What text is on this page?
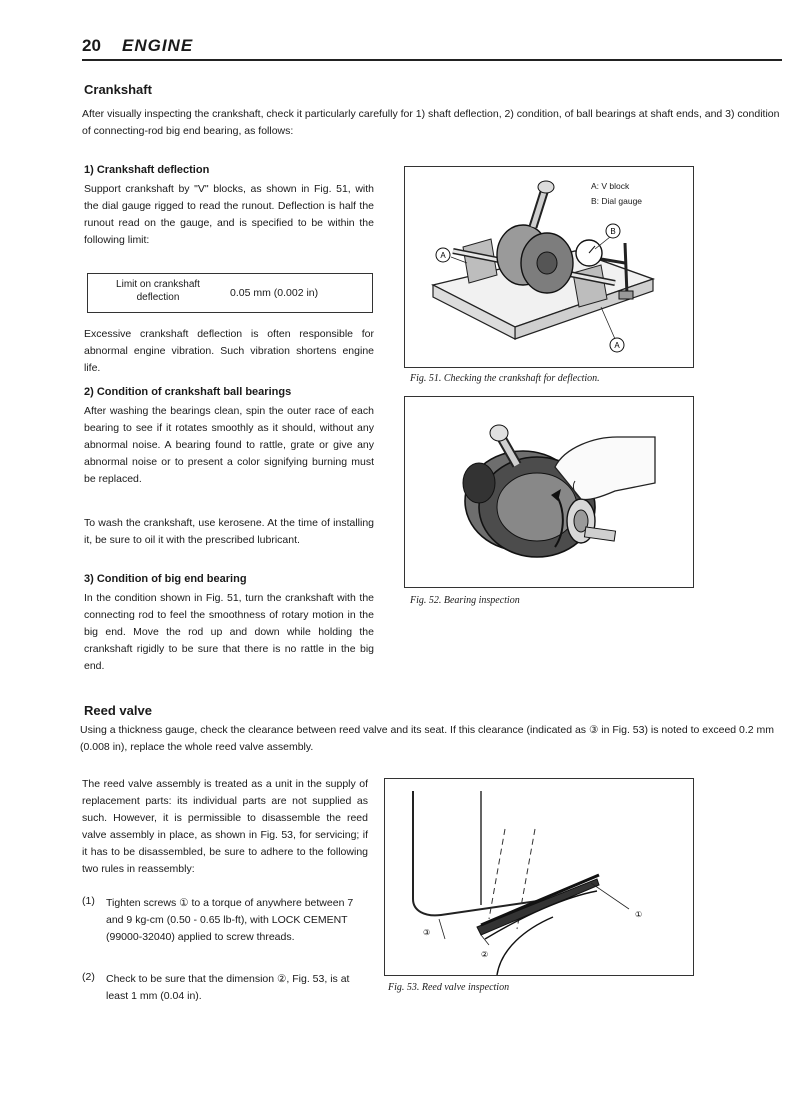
20 ENGINE
Crankshaft

After visually inspecting the crankshaft, check it particularly carefully for 1) shaft deflection, 2) condition, of ball bearings at shaft ends, and 3) condition of connecting-rod big end bearing, as follows:

1) Crankshaft deflection

Support crankshaft by "V" blocks, as shown in Fig. 51, with the dial gauge rigged to read the runout. Deflection is half the runout read on the gauge, and is specified to be within the following limit:

Limit on crankshaft deflection	0.05 mm (0.002 in)

Excessive crankshaft deflection is often responsible for abnormal engine vibration. Such vibration shortens engine life.

2) Condition of crankshaft ball bearings

After washing the bearings clean, spin the outer race of each bearing to see if it rotates smoothly as it should, without any abnormal noise. A bearing found to rattle, grate or give any abnormal noise or to present a color signifying burning must be replaced.

To wash the crankshaft, use kerosene. At the time of installing it, be sure to oil it with the prescribed lubricant.

3) Condition of big end bearing

In the condition shown in Fig. 51, turn the crankshaft with the connecting rod to feel the smoothness of rotary motion in the big end. Move the rod up and down while holding the crankshaft rigidly to be sure that there is no rattle in the big end.

Reed valve

Using a thickness gauge, check the clearance between reed valve and its seat. If this clearance (indicated as ③ in Fig. 53) is noted to exceed 0.2 mm (0.008 in), replace the whole reed valve assembly.

The reed valve assembly is treated as a unit in the supply of replacement parts: its individual parts are not supplied as such. However, it is permissible to disassemble the reed valve assembly in place, as shown in Fig. 53, for servicing; if it has to be disassembled, be sure to adhere to the following two rules in reassembly:

(1) Tighten screws ① to a torque of anywhere between 7 and 9 kg-cm (0.50 - 0.65 lb-ft), with LOCK CEMENT (99000-32040) applied to screw threads.

(2) Check to be sure that the dimension ②, Fig. 53, is at least 1 mm (0.04 in).

A
B
A
A: V block
B: Dial gauge
Fig. 51. Checking the crankshaft for deflection.
Fig. 52. Bearing inspection
①
②
③
Fig. 53. Reed valve inspection
